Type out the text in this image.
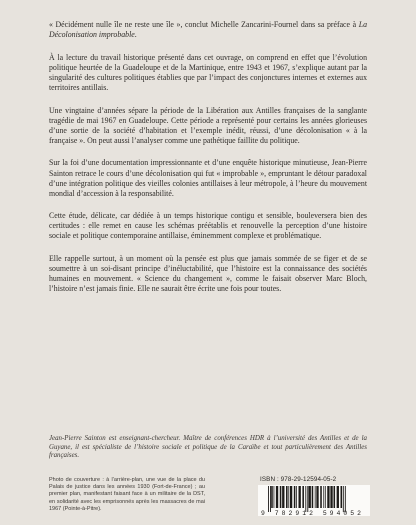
« Décidément nulle île ne reste une île », conclut Michelle Zancarini-Fournel dans sa préface à La Décolonisation improbable.

À la lecture du travail historique présenté dans cet ouvrage, on comprend en effet que l’évolution politique heurtée de la Guadeloupe et de la Martinique, entre 1943 et 1967, s’explique autant par la singularité des cultures politiques établies que par l’impact des conjonctures internes et externes aux territoires antillais.

Une vingtaine d’années sépare la période de la Libération aux Antilles françaises de la sanglante tragédie de mai 1967 en Guadeloupe. Cette période a représenté pour certains les années glorieuses d’une sortie de la société d’habitation et l’exemple inédit, réussi, d’une décolonisation « à la française ». On peut aussi l’analyser comme une pathétique faillite du politique.

Sur la foi d’une documentation impressionnante et d’une enquête historique minutieuse, Jean-Pierre Sainton retrace le cours d’une décolonisation qui fut « improbable », empruntant le détour paradoxal d’une intégration politique des vieilles colonies antillaises à leur métropole, à l’heure du mouvement mondial d’accession à la responsabilité.

Cette étude, délicate, car dédiée à un temps historique contigu et sensible, bouleversera bien des certitudes : elle remet en cause les schémas préétablis et renouvelle la perception d’une histoire sociale et politique contemporaine antillaise, éminemment complexe et problématique.

Elle rappelle surtout, à un moment où la pensée est plus que jamais sommée de se figer et de se soumettre à un soi-disant principe d’inéluctabilité, que l’histoire est la connaissance des sociétés humaines en mouvement. « Science du changement », comme le faisait observer Marc Bloch, l’histoire n’est jamais finie. Elle ne saurait être écrite une fois pour toutes.

Jean-Pierre Sainton est enseignant-chercheur. Maître de conférences HDR à l’université des Antilles et de la Guyane, il est spécialiste de l’histoire sociale et politique de la Caraïbe et tout particulièrement des Antilles françaises.
Photo de couverture : à l’arrière-plan, une vue de la place du Palais de justice dans les années 1930 (Fort-de-France) ; au premier plan, manifestant faisant face à un militaire de la DST, en solidarité avec les emprisonnés après les massacres de mai 1967 (Pointe-à-Pitre).
ISBN : 978-29-12594-05-2
9 782912 594052
